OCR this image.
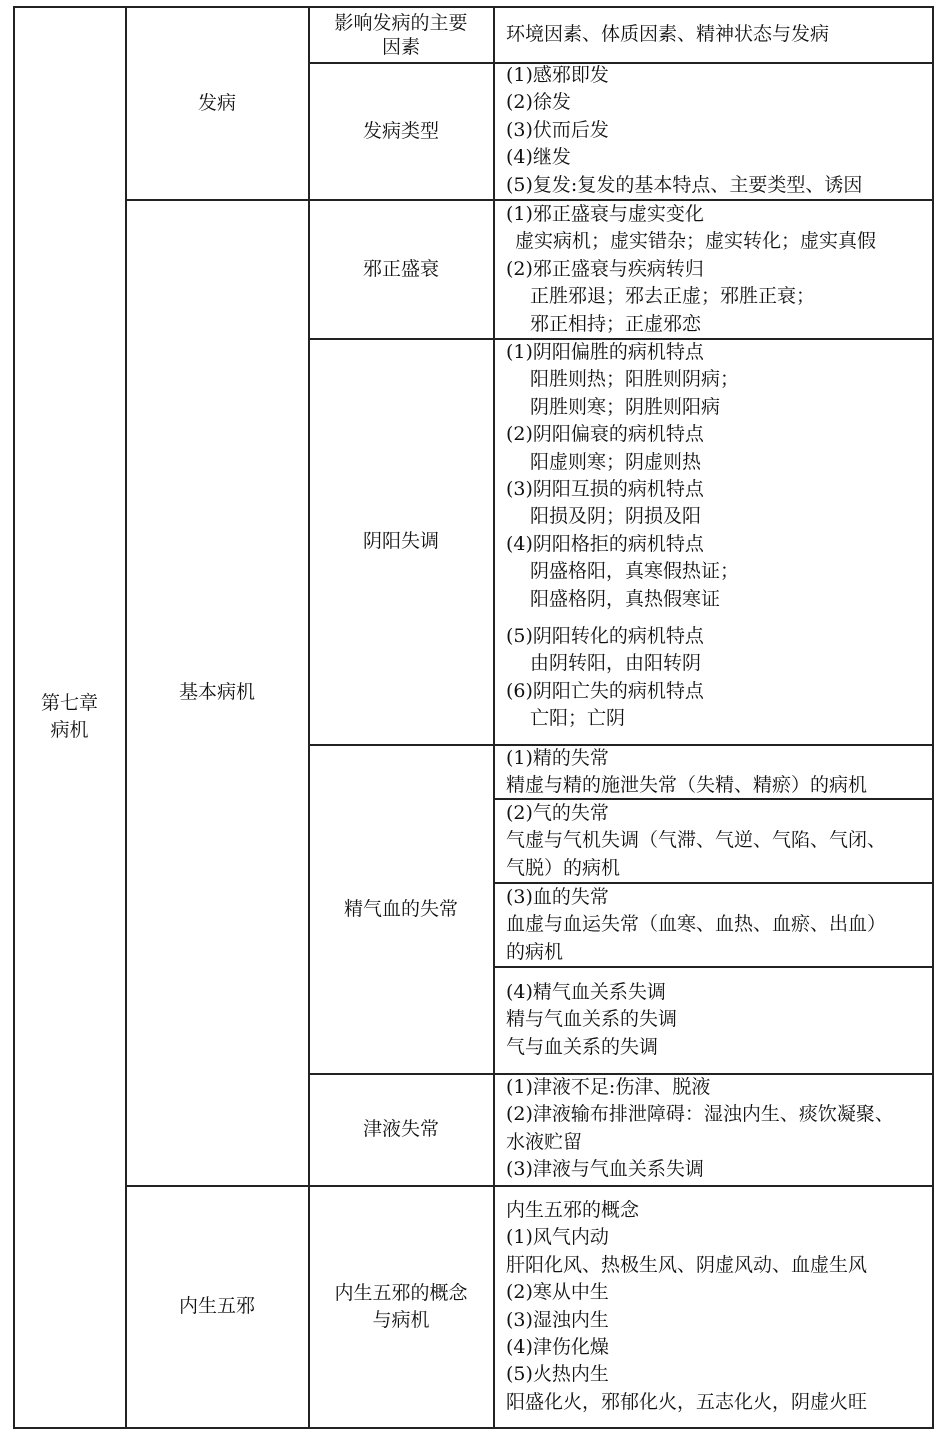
第七章
病机
发病
基本病机
内生五邪
影响发病的主要
因素
发病类型
邪正盛衰
阴阳失调
精气血的失常
津液失常
内生五邪的概念
与病机
环境因素、体质因素、精神状态与发病
(1)感邪即发
(2)徐发
(3)伏而后发
(4)继发
(5)复发:复发的基本特点、主要类型、诱因
(1)邪正盛衰与虚实变化
虚实病机；虚实错杂；虚实转化；虚实真假
(2)邪正盛衰与疾病转归
正胜邪退；邪去正虚；邪胜正衰；
邪正相持；正虚邪恋
(1)阴阳偏胜的病机特点
阳胜则热；阳胜则阴病；
阴胜则寒；阴胜则阳病
(2)阴阳偏衰的病机特点
阳虚则寒；阴虚则热
(3)阴阳互损的病机特点
阳损及阴；阴损及阳
(4)阴阳格拒的病机特点
阴盛格阳，真寒假热证；
阳盛格阴，真热假寒证
(5)阴阳转化的病机特点
由阴转阳，由阳转阴
(6)阴阳亡失的病机特点
亡阳；亡阴
(1)精的失常
精虚与精的施泄失常（失精、精瘀）的病机
(2)气的失常
气虚与气机失调（气滞、气逆、气陷、气闭、
气脱）的病机
(3)血的失常
血虚与血运失常（血寒、血热、血瘀、出血）
的病机
(4)精气血关系失调
精与气血关系的失调
气与血关系的失调
(1)津液不足:伤津、脱液
(2)津液输布排泄障碍：湿浊内生、痰饮凝聚、
水液贮留
(3)津液与气血关系失调
内生五邪的概念
(1)风气内动
肝阳化风、热极生风、阴虚风动、血虚生风
(2)寒从中生
(3)湿浊内生
(4)津伤化燥
(5)火热内生
阳盛化火，邪郁化火，五志化火，阴虚火旺
